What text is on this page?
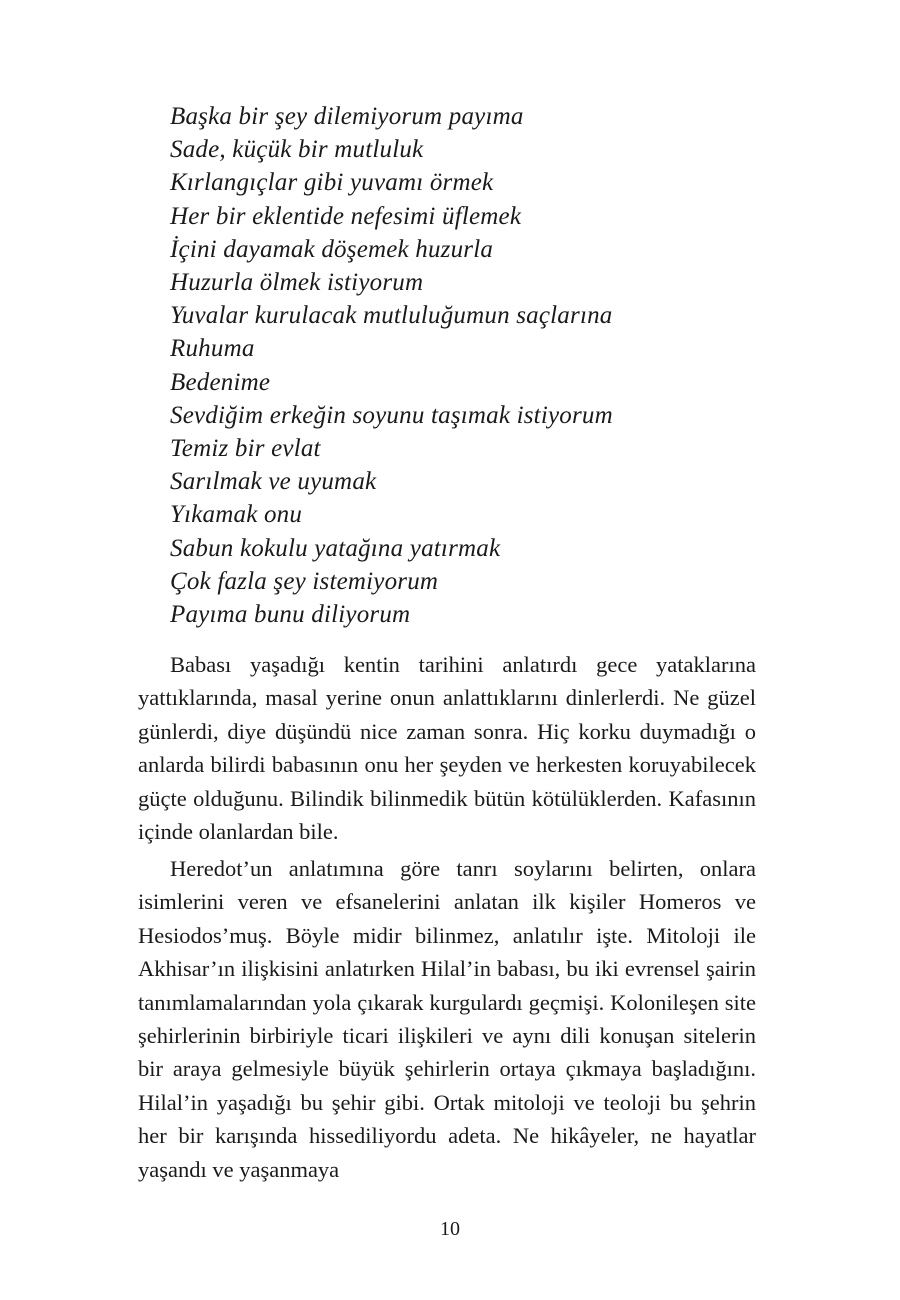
Başka bir şey dilemiyorum payıma
Sade, küçük bir mutluluk
Kırlangıçlar gibi yuvamı örmek
Her bir eklentide nefesimi üflemek
İçini dayamak döşemek huzurla
Huzurla ölmek istiyorum
Yuvalar kurulacak mutluluğumun saçlarına
Ruhuma
Bedenime
Sevdiğim erkeğin soyunu taşımak istiyorum
Temiz bir evlat
Sarılmak ve uyumak
Yıkamak onu
Sabun kokulu yatağına yatırmak
Çok fazla şey istemiyorum
Payıma bunu diliyorum

Babası yaşadığı kentin tarihini anlatırdı gece yataklarına yattıklarında, masal yerine onun anlattıklarını dinlerlerdi. Ne güzel günlerdi, diye düşündü nice zaman sonra. Hiç korku duymadığı o anlarda bilirdi babasının onu her şeyden ve herkesten koruyabilecek güçte olduğunu. Bilindik bilinmedik bütün kötülüklerden. Kafasının içinde olanlardan bile.

Heredot’un anlatımına göre tanrı soylarını belirten, onlara isimlerini veren ve efsanelerini anlatan ilk kişiler Homeros ve Hesiodos’muş. Böyle midir bilinmez, anlatılır işte. Mitoloji ile Akhisar’ın ilişkisini anlatırken Hilal’in babası, bu iki evrensel şairin tanımlamalarından yola çıkarak kurgulardı geçmişi. Kolonileşen site şehirlerinin birbiriyle ticari ilişkileri ve aynı dili konuşan sitelerin bir araya gelmesiyle büyük şehirlerin ortaya çıkmaya başladığını. Hilal’in yaşadığı bu şehir gibi. Ortak mitoloji ve teoloji bu şehrin her bir karışında hissediliyordu adeta. Ne hikâyeler, ne hayatlar yaşandı ve yaşanmaya

10
